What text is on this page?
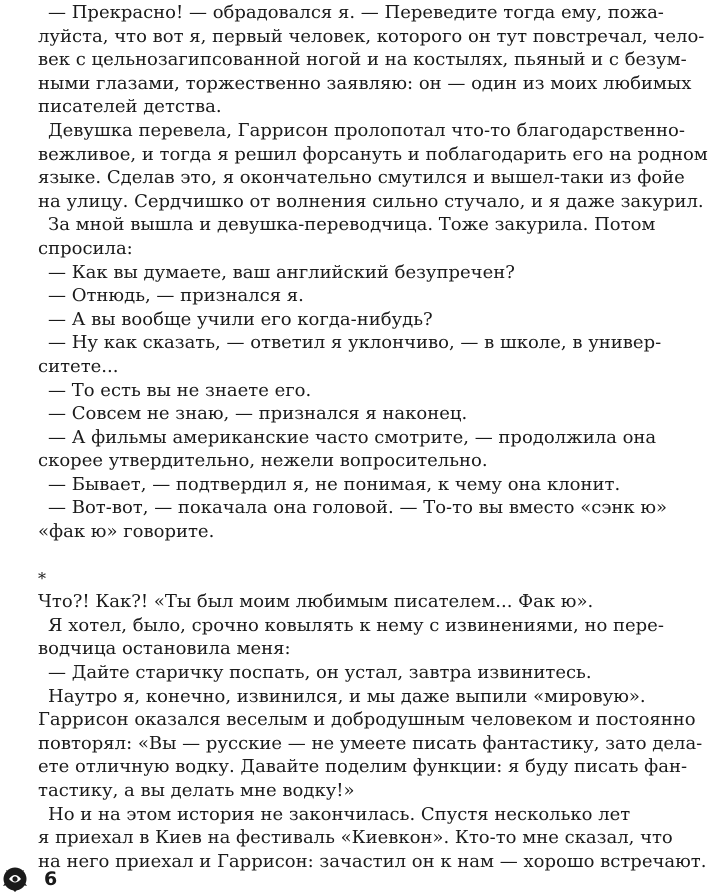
— Прекрасно! — обрадовался я. — Переведите тогда ему, пожа-
луйста, что вот я, первый человек, которого он тут повстречал, чело-
век с цельнозагипсованной ногой и на костылях, пьяный и с безум-
ными глазами, торжественно заявляю: он — один из моих любимых
писателей детства.
Девушка перевела, Гаррисон пролопотал что-то благодарственно-
вежливое, и тогда я решил форсануть и поблагодарить его на родном
языке. Сделав это, я окончательно смутился и вышел-таки из фойе
на улицу. Сердчишко от волнения сильно стучало, и я даже закурил.
За мной вышла и девушка-переводчица. Тоже закурила. Потом
спросила:
— Как вы думаете, ваш английский безупречен?
— Отнюдь, — признался я.
— А вы вообще учили его когда-нибудь?
— Ну как сказать, — ответил я уклончиво, — в школе, в универ-
ситете...
— То есть вы не знаете его.
— Совсем не знаю, — признался я наконец.
— А фильмы американские часто смотрите, — продолжила она
скорее утвердительно, нежели вопросительно.
— Бывает, — подтвердил я, не понимая, к чему она клонит.
— Вот-вот, — покачала она головой. — То-то вы вместо «сэнк ю»
«фак ю» говорите.
*
Что?! Как?! «Ты был моим любимым писателем... Фак ю».
Я хотел, было, срочно ковылять к нему с извинениями, но пере-
водчица остановила меня:
— Дайте старичку поспать, он устал, завтра извинитесь.
Наутро я, конечно, извинился, и мы даже выпили «мировую».
Гаррисон оказался веселым и добродушным человеком и постоянно
повторял: «Вы — русские — не умеете писать фантастику, зато дела-
ете отличную водку. Давайте поделим функции: я буду писать фан-
тастику, а вы делать мне водку!»
Но и на этом история не закончилась. Спустя несколько лет
я приехал в Киев на фестиваль «Киевкон». Кто-то мне сказал, что
на него приехал и Гаррисон: зачастил он к нам — хорошо встречают.
6
